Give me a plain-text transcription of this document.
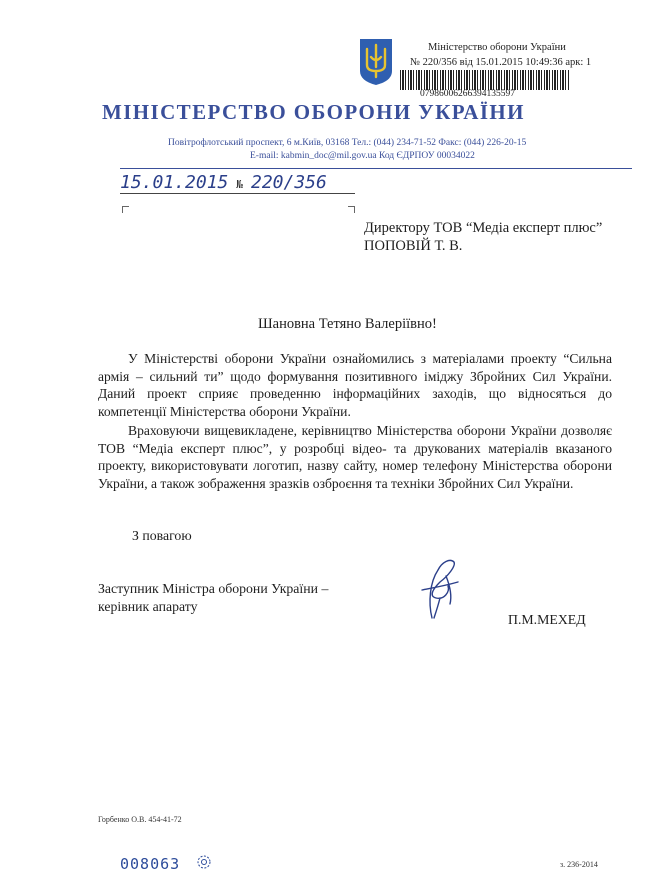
Міністерство оборони України
№ 220/356 від 15.01.2015 10:49:36 арк: 1
07986006266394135597
МІНІСТЕРСТВО ОБОРОНИ УКРАЇНИ
Повітрофлотський проспект, 6 м.Київ, 03168 Тел.: (044) 234-71-52 Факс: (044) 226-20-15
E-mail: kabmin_doc@mil.gov.ua Код ЄДРПОУ 00034022
15.01.2015 № 220/356
Директору ТОВ “Медіа експерт плюс”
ПОПОВІЙ Т. В.
Шановна Тетяно Валеріївно!
У Міністерстві оборони України ознайомились з матеріалами проекту “Сильна армія – сильний ти” щодо формування позитивного іміджу Збройних Сил України. Даний проект сприяє проведенню інформаційних заходів, що відносяться до компетенції Міністерства оборони України.
Враховуючи вищевикладене, керівництво Міністерства оборони України дозволяє ТОВ “Медіа експерт плюс”, у розробці відео- та друкованих матеріалів вказаного проекту, використовувати логотип, назву сайту, номер телефону Міністерства оборони України, а також зображення зразків озброєння та техніки Збройних Сил України.
З повагою
Заступник Міністра оборони України –
керівник апарату
П.М.МЕХЕД
Горбенко О.В. 454-41-72
008063	з. 236-2014
